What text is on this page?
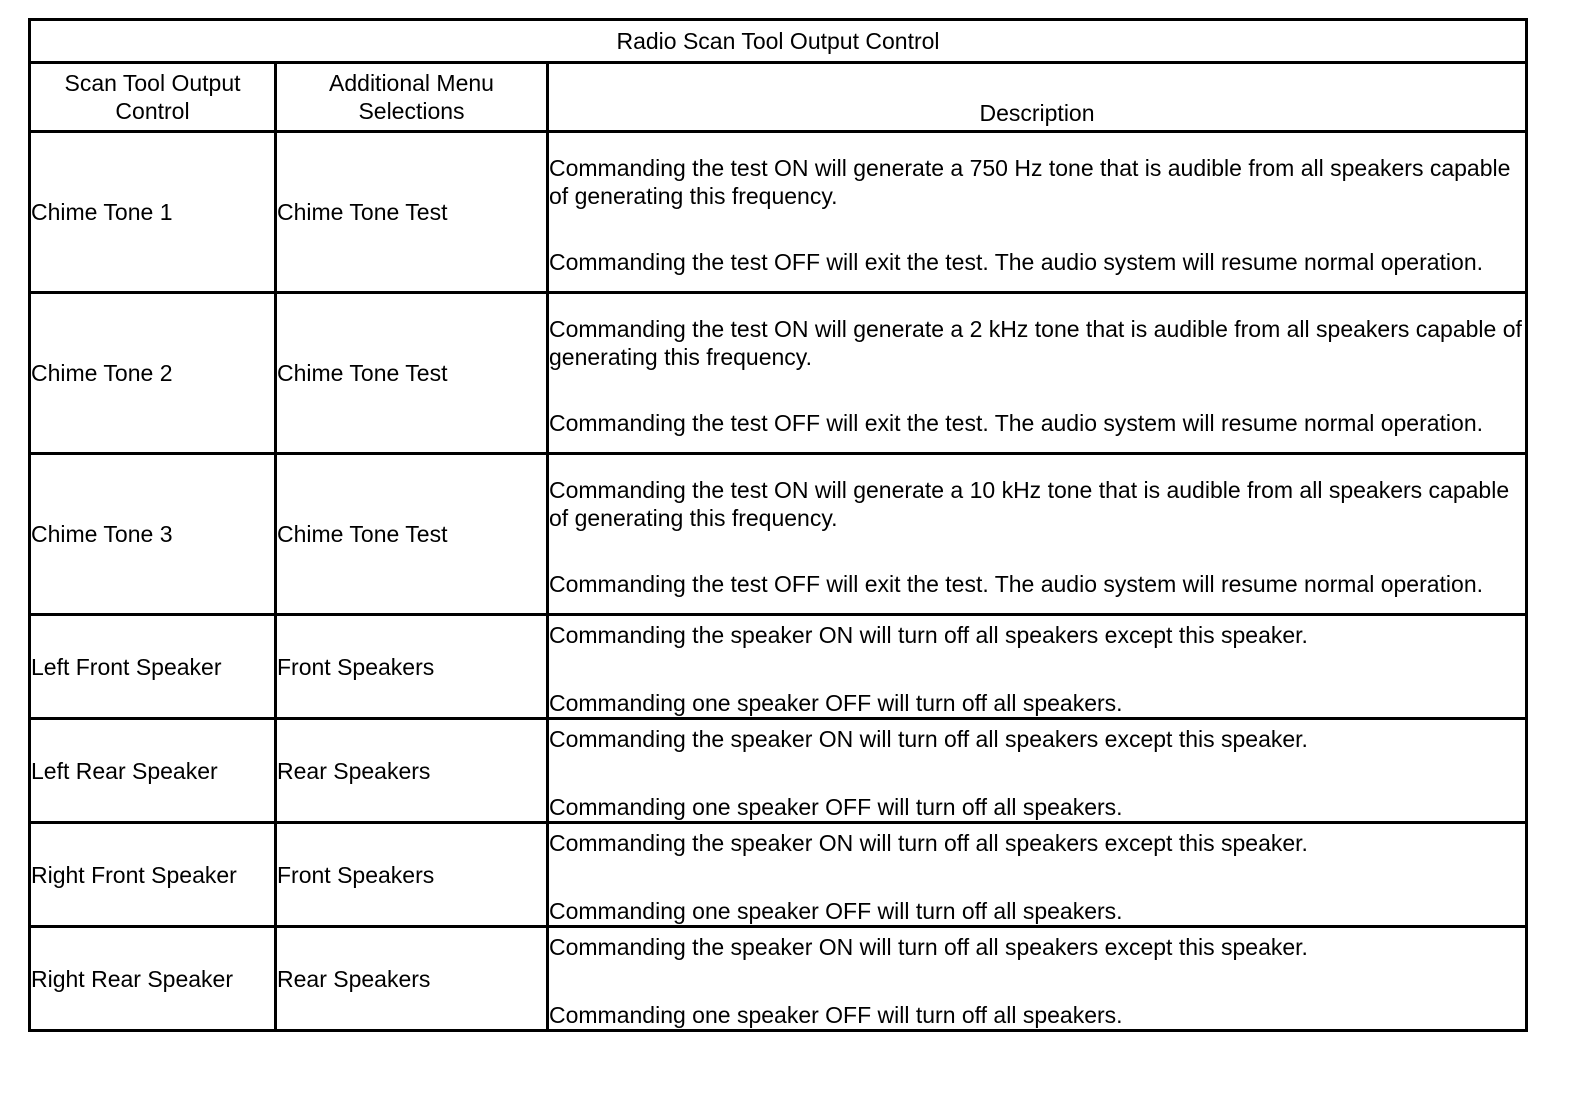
Radio Scan Tool Output Control		
Scan Tool Output Control	Additional Menu Selections	Description
Chime Tone 1	Chime Tone Test	Commanding the test ON will generate a 750 Hz tone that is audible from all speakers capable of generating this frequency.

Commanding the test OFF will exit the test. The audio system will resume normal operation.

Chime Tone 2	Chime Tone Test	Commanding the test ON will generate a 2 kHz tone that is audible from all speakers capable of generating this frequency.

Commanding the test OFF will exit the test. The audio system will resume normal operation.

Chime Tone 3	Chime Tone Test	Commanding the test ON will generate a 10 kHz tone that is audible from all speakers capable of generating this frequency.

Commanding the test OFF will exit the test. The audio system will resume normal operation.

Left Front Speaker	Front Speakers	Commanding the speaker ON will turn off all speakers except this speaker.

Commanding one speaker OFF will turn off all speakers.

Left Rear Speaker	Rear Speakers	Commanding the speaker ON will turn off all speakers except this speaker.

Commanding one speaker OFF will turn off all speakers.

Right Front Speaker	Front Speakers	Commanding the speaker ON will turn off all speakers except this speaker.

Commanding one speaker OFF will turn off all speakers.

Right Rear Speaker	Rear Speakers	Commanding the speaker ON will turn off all speakers except this speaker.

Commanding one speaker OFF will turn off all speakers.
